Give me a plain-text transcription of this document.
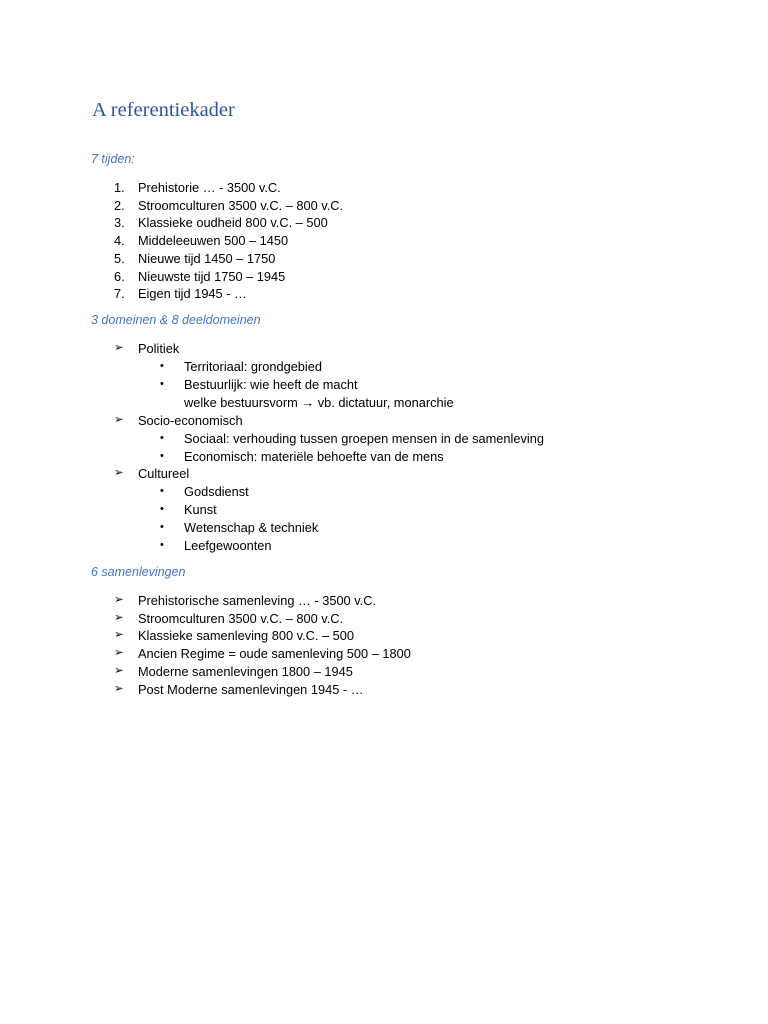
A referentiekader
7 tijden:
1. Prehistorie … - 3500 v.C.
2. Stroomculturen 3500 v.C. – 800 v.C.
3. Klassieke oudheid 800 v.C. – 500
4. Middeleeuwen 500 – 1450
5. Nieuwe tijd 1450 – 1750
6. Nieuwste tijd 1750 – 1945
7. Eigen tijd 1945 - …
3 domeinen & 8 deeldomeinen
➢ Politiek
• Territoriaal: grondgebied
• Bestuurlijk: wie heeft de macht
welke bestuursvorm → vb. dictatuur, monarchie
➢ Socio-economisch
• Sociaal: verhouding tussen groepen mensen in de samenleving
• Economisch: materiële behoefte van de mens
➢ Cultureel
• Godsdienst
• Kunst
• Wetenschap & techniek
• Leefgewoonten
6 samenlevingen
➢ Prehistorische samenleving … - 3500 v.C.
➢ Stroomculturen 3500 v.C. – 800 v.C.
➢ Klassieke samenleving 800 v.C. – 500
➢ Ancien Regime = oude samenleving 500 – 1800
➢ Moderne samenlevingen 1800 – 1945
➢ Post Moderne samenlevingen 1945 - …
